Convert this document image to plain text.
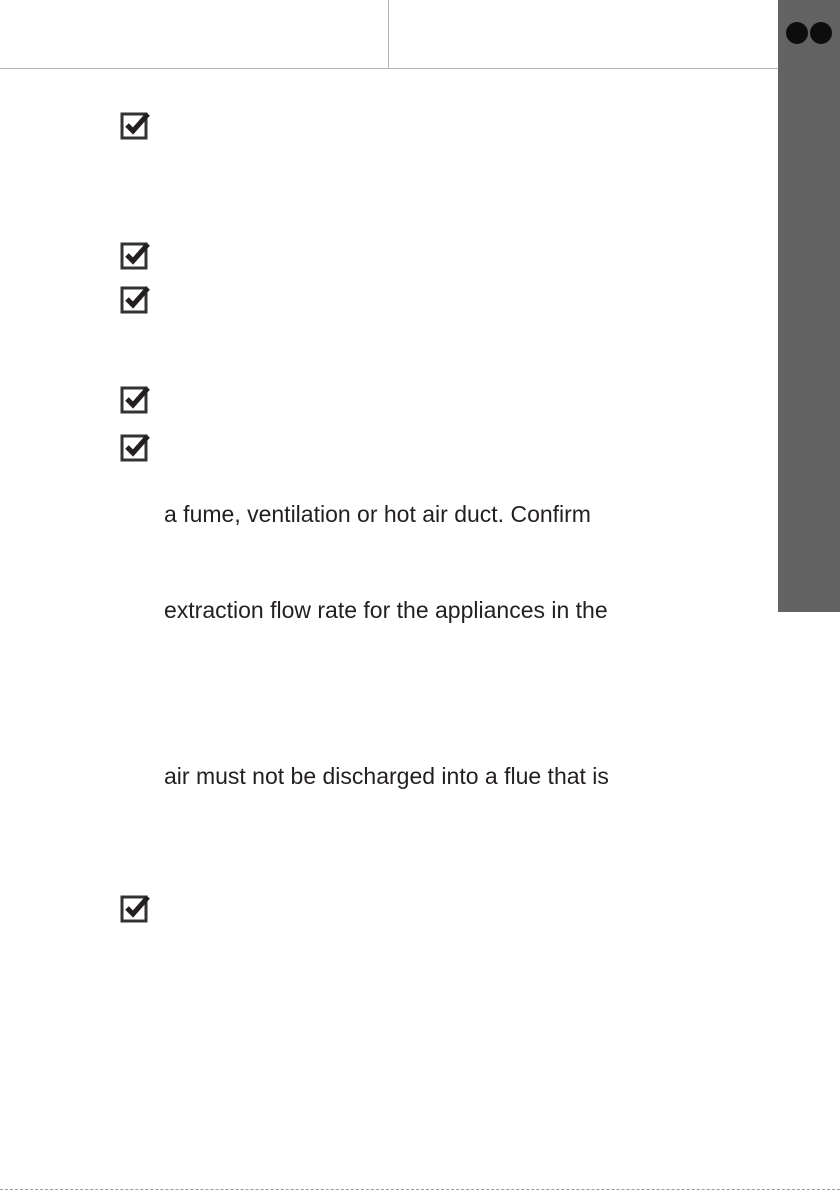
a fume, ventilation or hot air duct. Confirm
extraction flow rate for the appliances in the
air must not be discharged into a flue that is
